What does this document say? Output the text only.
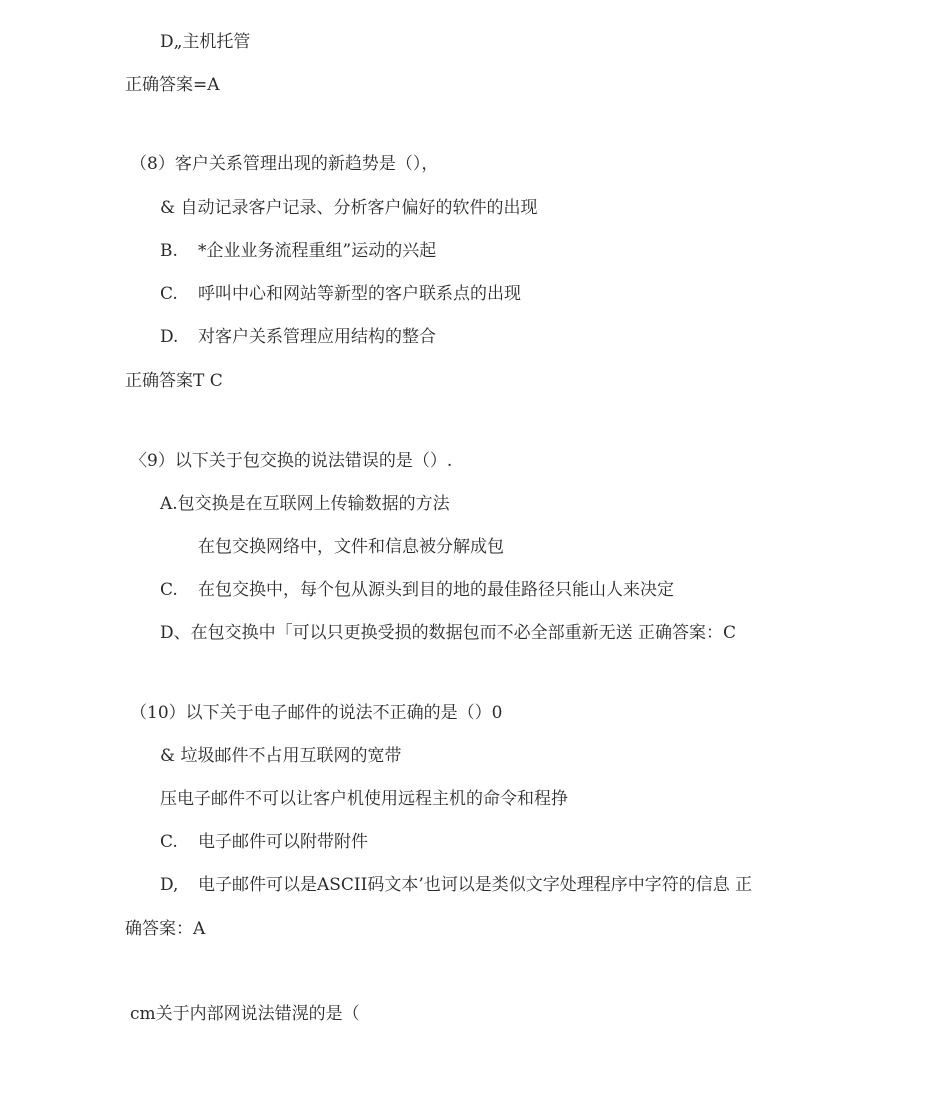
D„主机托管
正确答案=A
（8）客户关系管理出现的新趋势是（），
& 自动记录客户记录、分析客户偏好的软件的出现
B. *企业业务流程重组”运动的兴起
C. 呼叫中心和网站等新型的客户联系点的出现
D. 对客户关系管理应用结构的整合
正确答案T C
〈9）以下关于包交换的说法错误的是（）.
A.包交换是在互联网上传输数据的方法
在包交换网络中，文件和信息被分解成包
C. 在包交换中，每个包从源头到目的地的最佳路径只能山人来决定
D、在包交换中「可以只更换受损的数据包而不必全部重新无送 正确答案：C
（10）以下关于电子邮件的说法不正确的是（）0
& 垃圾邮件不占用互联网的宽带
压电子邮件不可以让客户机使用远程主机的命令和程挣
C. 电子邮件可以附带附件
D, 电子邮件可以是ASCII码文本’也诃以是类似文字处理程序中字符的信息 正
确答案：A
cm关于内部网说法错滉的是（
